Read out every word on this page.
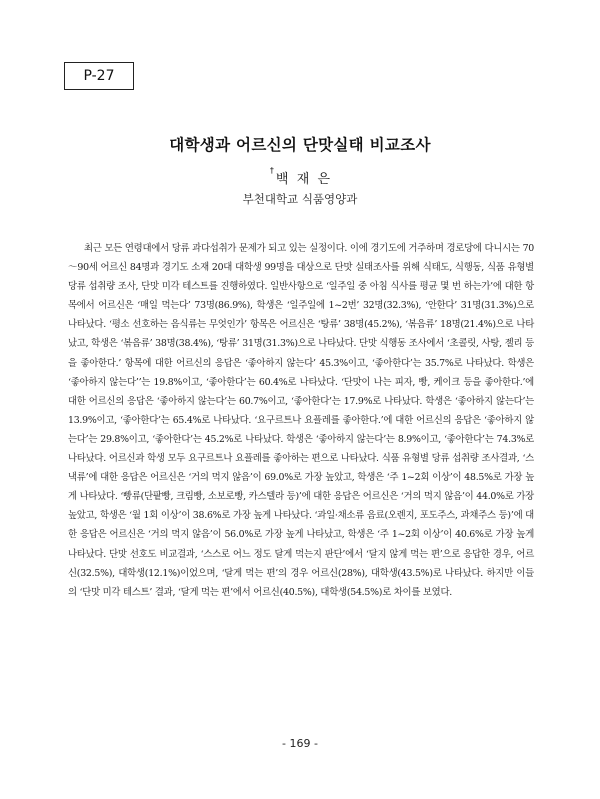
P-27
대학생과 어르신의 단맛실태 비교조사
†백  재  은
부천대학교 식품영양과

최근 모든 연령대에서 당류 과다섭취가 문제가 되고 있는 실정이다. 이에 경기도에 거주하며 경로당에 다니시는 70～90세 어르신 84명과 경기도 소재 20대 대학생 99명을 대상으로 단맛 실태조사를 위해 식태도, 식행동, 식품 유형별 당류 섭취량 조사, 단맛 미각 테스트를 진행하였다. 일반사항으로 ‘일주일 중 아침 식사를 평균 몇 번 하는가’에 대한 항목에서 어르신은 ‘매일 먹는다’ 73명(86.9%), 학생은 ‘일주일에 1~2번’ 32명(32.3%), ‘안한다’ 31명(31.3%)으로 나타났다. ‘평소 선호하는 음식류는 무엇인가’ 항목은 어르신은 ‘탕류’ 38명(45.2%), ‘볶음류’ 18명(21.4%)으로 나타났고, 학생은 ‘볶음류’ 38명(38.4%), ‘탕류’ 31명(31.3%)으로 나타났다. 단맛 식행동 조사에서 ‘초콜릿, 사탕, 젤리 등을 좋아한다.’ 항목에 대한 어르신의 응답은 ‘좋아하지 않는다’ 45.3%이고, ‘좋아한다’는 35.7%로 나타났다. 학생은 ‘좋아하지 않는다’’는 19.8%이고, ‘좋아한다’는 60.4%로 나타났다. ‘단맛이 나는 피자, 빵, 케이크 등을 좋아한다.’에 대한 어르신의 응답은 ‘좋아하지 않는다’는 60.7%이고, ‘좋아한다’는 17.9%로 나타났다. 학생은 ‘좋아하지 않는다’는 13.9%이고, ‘좋아한다’는 65.4%로 나타났다. ‘요구르트나 요플레를 좋아한다.’에 대한 어르신의 응답은 ‘좋아하지 않는다’는 29.8%이고, ‘좋아한다’는 45.2%로 나타났다. 학생은 ‘좋아하지 않는다’는 8.9%이고, ‘좋아한다’는 74.3%로 나타났다. 어르신과 학생 모두 요구르트나 요플레를 좋아하는 편으로 나타났다. 식품 유형별 당류 섭취량 조사결과, ‘스낵류’에 대한 응답은 어르신은 ‘거의 먹지 않음’이 69.0%로 가장 높았고, 학생은 ‘주 1~2회 이상’이 48.5%로 가장 높게 나타났다. ‘빵류(단팥빵, 크림빵, 소보로빵, 카스텔라 등)’에 대한 응답은 어르신은 ‘거의 먹지 않음’이 44.0%로 가장 높았고, 학생은 ‘월 1회 이상’이 38.6%로 가장 높게 나타났다. ‘과일·채소류 음료(오렌지, 포도주스, 과채주스 등)’에 대한 응답은 어르신은 ‘거의 먹지 않음’이 56.0%로 가장 높게 나타났고, 학생은 ‘주 1~2회 이상’이 40.6%로 가장 높게 나타났다. 단맛 선호도 비교결과, ‘스스로 어느 정도 달게 먹는지 판단’에서 ‘달지 않게 먹는 편’으로 응답한 경우, 어르신(32.5%), 대학생(12.1%)이었으며, ‘달게 먹는 편’의 경우 어르신(28%), 대학생(43.5%)로 나타났다. 하지만 이들의 ‘단맛 미각 테스트’ 결과, ‘달게 먹는 편’에서 어르신(40.5%), 대학생(54.5%)로 차이를 보였다.

- 169 -
